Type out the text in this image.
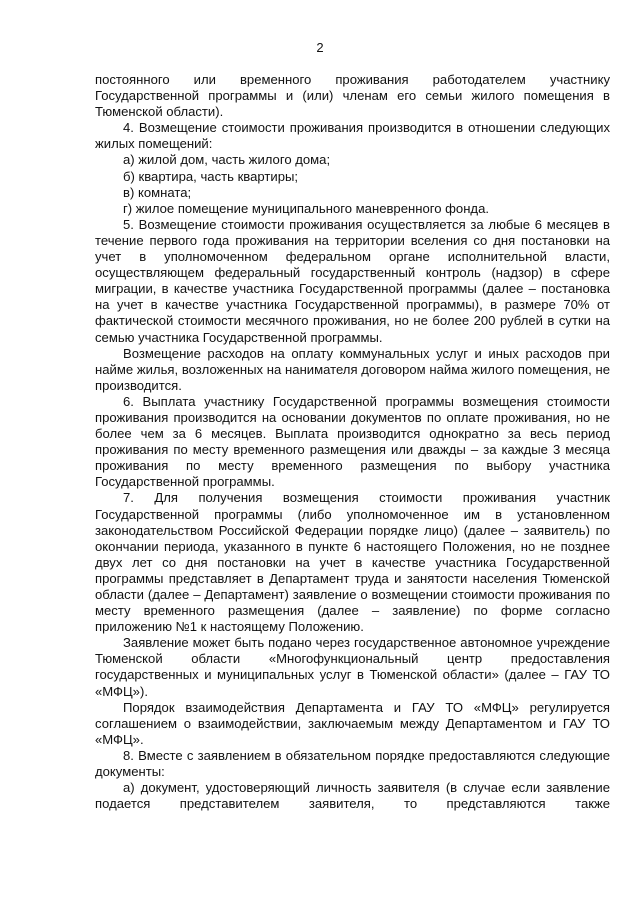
2

постоянного или временного проживания работодателем участнику Государственной программы и (или) членам его семьи жилого помещения в Тюменской области).

4. Возмещение стоимости проживания производится в отношении следующих жилых помещений:

а) жилой дом, часть жилого дома;

б) квартира, часть квартиры;

в) комната;

г) жилое помещение муниципального маневренного фонда.

5. Возмещение стоимости проживания осуществляется за любые 6 месяцев в течение первого года проживания на территории вселения со дня постановки на учет в уполномоченном федеральном органе исполнительной власти, осуществляющем федеральный государственный контроль (надзор) в сфере миграции, в качестве участника Государственной программы (далее – постановка на учет в качестве участника Государственной программы), в размере 70% от фактической стоимости месячного проживания, но не более 200 рублей в сутки на семью участника Государственной программы.

Возмещение расходов на оплату коммунальных услуг и иных расходов при найме жилья, возложенных на нанимателя договором найма жилого помещения, не производится.

6. Выплата участнику Государственной программы возмещения стоимости проживания производится на основании документов по оплате проживания, но не более чем за 6 месяцев. Выплата производится однократно за весь период проживания по месту временного размещения или дважды – за каждые 3 месяца проживания по месту временного размещения по выбору участника Государственной программы.

7. Для получения возмещения стоимости проживания участник Государственной программы (либо уполномоченное им в установленном законодательством Российской Федерации порядке лицо) (далее – заявитель) по окончании периода, указанного в пункте 6 настоящего Положения, но не позднее двух лет со дня постановки на учет в качестве участника Государственной программы представляет в Департамент труда и занятости населения Тюменской области (далее – Департамент) заявление о возмещении стоимости проживания по месту временного размещения (далее – заявление) по форме согласно приложению №1 к настоящему Положению.

Заявление может быть подано через государственное автономное учреждение Тюменской области «Многофункциональный центр предоставления государственных и муниципальных услуг в Тюменской области» (далее – ГАУ ТО «МФЦ»).

Порядок взаимодействия Департамента и ГАУ ТО «МФЦ» регулируется соглашением о взаимодействии, заключаемым между Департаментом и ГАУ ТО «МФЦ».

8. Вместе с заявлением в обязательном порядке предоставляются следующие документы:

а) документ, удостоверяющий личность заявителя (в случае если заявление подается представителем заявителя, то представляются также
